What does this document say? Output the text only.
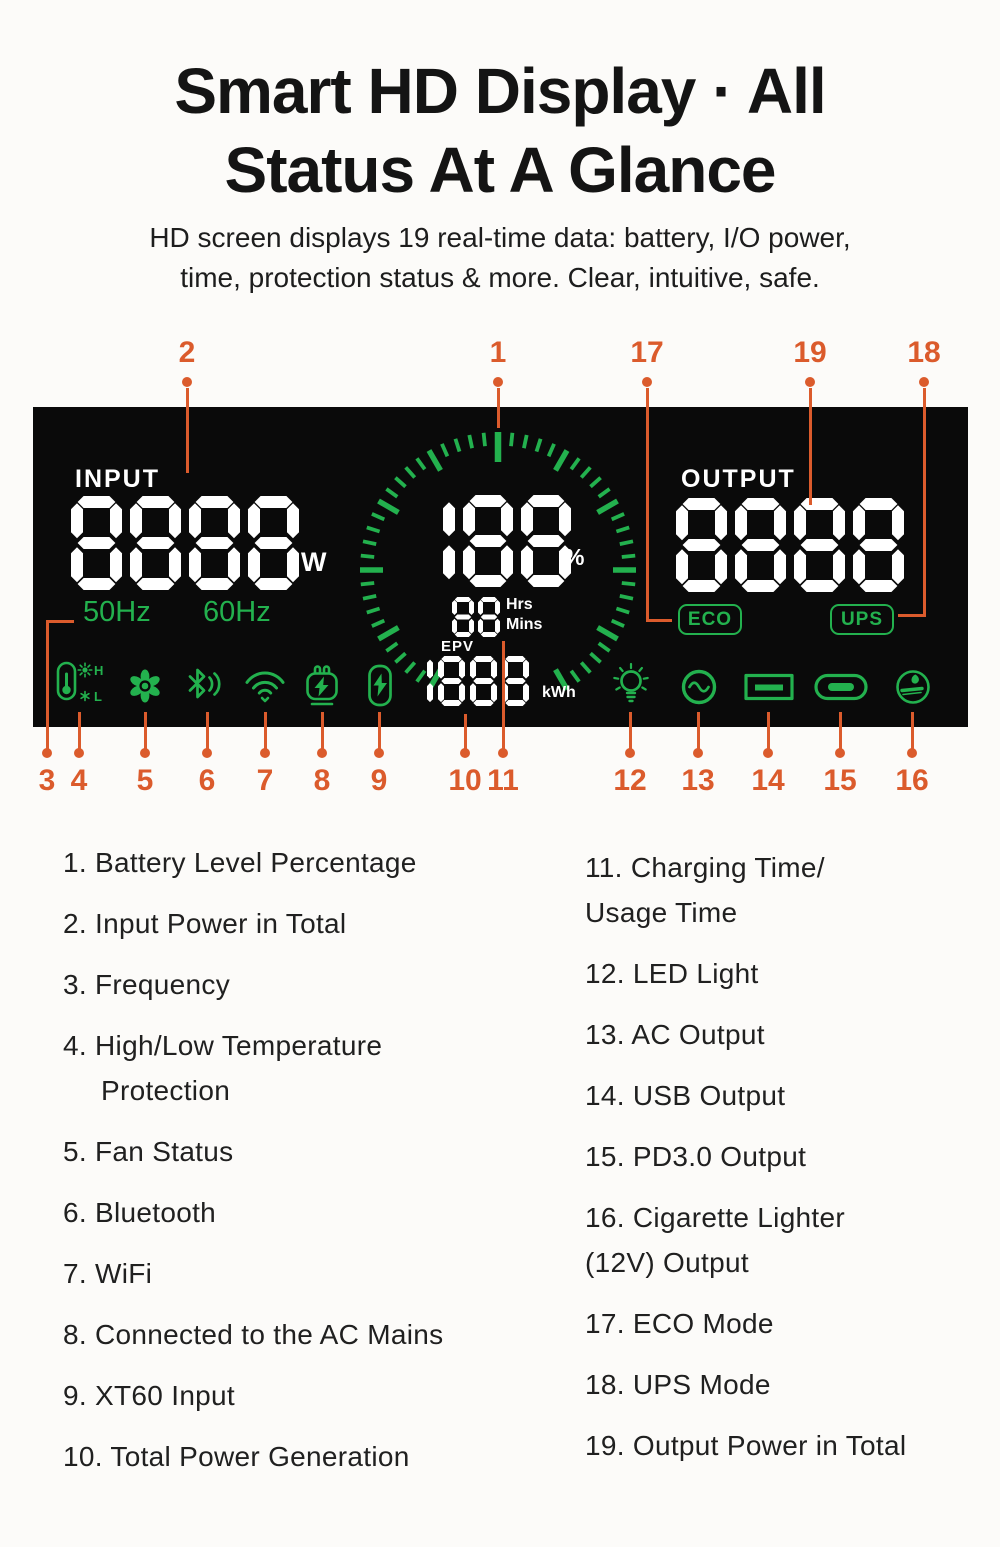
Smart HD Display · All
Status At A Glance
HD screen displays 19 real-time data: battery, I/O power,
time, protection status & more. Clear, intuitive, safe.
INPUT
W
50Hz 60Hz
%
Hrs
Mins
EPV
kWh
OUTPUT
ECO	UPS
H
L
2	1	17	19	18
3 4 5 6 7 8 9 10 11	12 13 14 15 16
1. Battery Level Percentage
2. Input Power in Total
3. Frequency
4. High/Low Temperature
Protection
5. Fan Status
6. Bluetooth
7. WiFi
8. Connected to the AC Mains
9. XT60 Input
10. Total Power Generation
11. Charging Time/
Usage Time
12. LED Light
13. AC Output
14. USB Output
15. PD3.0 Output
16. Cigarette Lighter
(12V) Output
17. ECO Mode
18. UPS Mode
19. Output Power in Total
